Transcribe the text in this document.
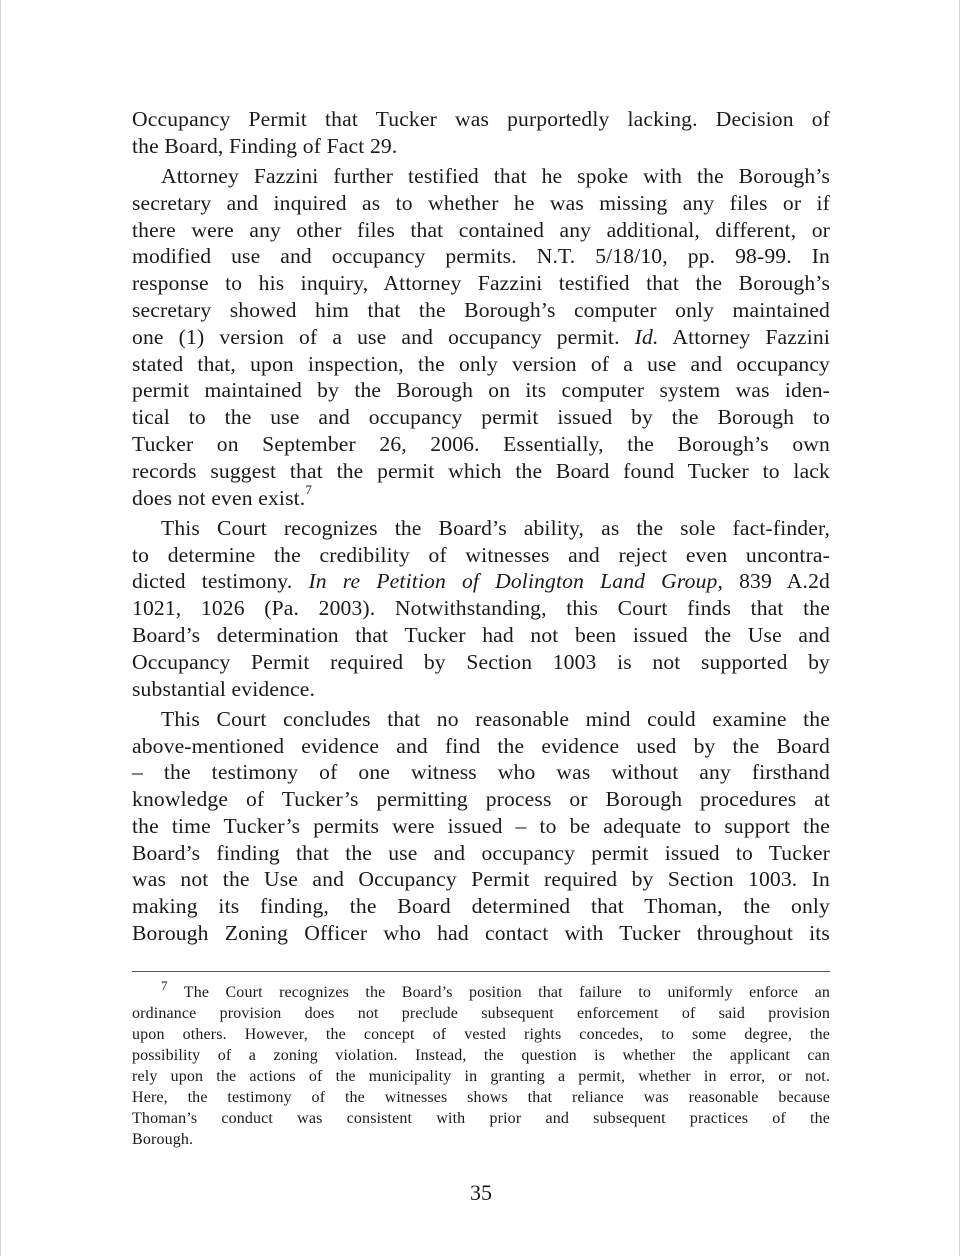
Occupancy Permit that Tucker was purportedly lacking. Decision of
the Board, Finding of Fact 29.
Attorney Fazzini further testified that he spoke with the Borough’s
secretary and inquired as to whether he was missing any files or if
there were any other files that contained any additional, different, or
modified use and occupancy permits. N.T. 5/18/10, pp. 98-99. In
response to his inquiry, Attorney Fazzini testified that the Borough’s
secretary showed him that the Borough’s computer only maintained
one (1) version of a use and occupancy permit. Id. Attorney Fazzini
stated that, upon inspection, the only version of a use and occupancy
permit maintained by the Borough on its computer system was iden-
tical to the use and occupancy permit issued by the Borough to
Tucker on September 26, 2006. Essentially, the Borough’s own
records suggest that the permit which the Board found Tucker to lack
does not even exist.$^7$
This Court recognizes the Board’s ability, as the sole fact-finder,
to determine the credibility of witnesses and reject even uncontra-
dicted testimony. In re Petition of Dolington Land Group, 839 A.2d
1021, 1026 (Pa. 2003). Notwithstanding, this Court finds that the
Board’s determination that Tucker had not been issued the Use and
Occupancy Permit required by Section 1003 is not supported by
substantial evidence.
This Court concludes that no reasonable mind could examine the
above-mentioned evidence and find the evidence used by the Board
– the testimony of one witness who was without any firsthand
knowledge of Tucker’s permitting process or Borough procedures at
the time Tucker’s permits were issued – to be adequate to support the
Board’s finding that the use and occupancy permit issued to Tucker
was not the Use and Occupancy Permit required by Section 1003. In
making its finding, the Board determined that Thoman, the only
Borough Zoning Officer who had contact with Tucker throughout its
$^7$ The Court recognizes the Board’s position that failure to uniformly enforce an
ordinance provision does not preclude subsequent enforcement of said provision
upon others. However, the concept of vested rights concedes, to some degree, the
possibility of a zoning violation. Instead, the question is whether the applicant can
rely upon the actions of the municipality in granting a permit, whether in error, or not.
Here, the testimony of the witnesses shows that reliance was reasonable because
Thoman’s conduct was consistent with prior and subsequent practices of the
Borough.
35
